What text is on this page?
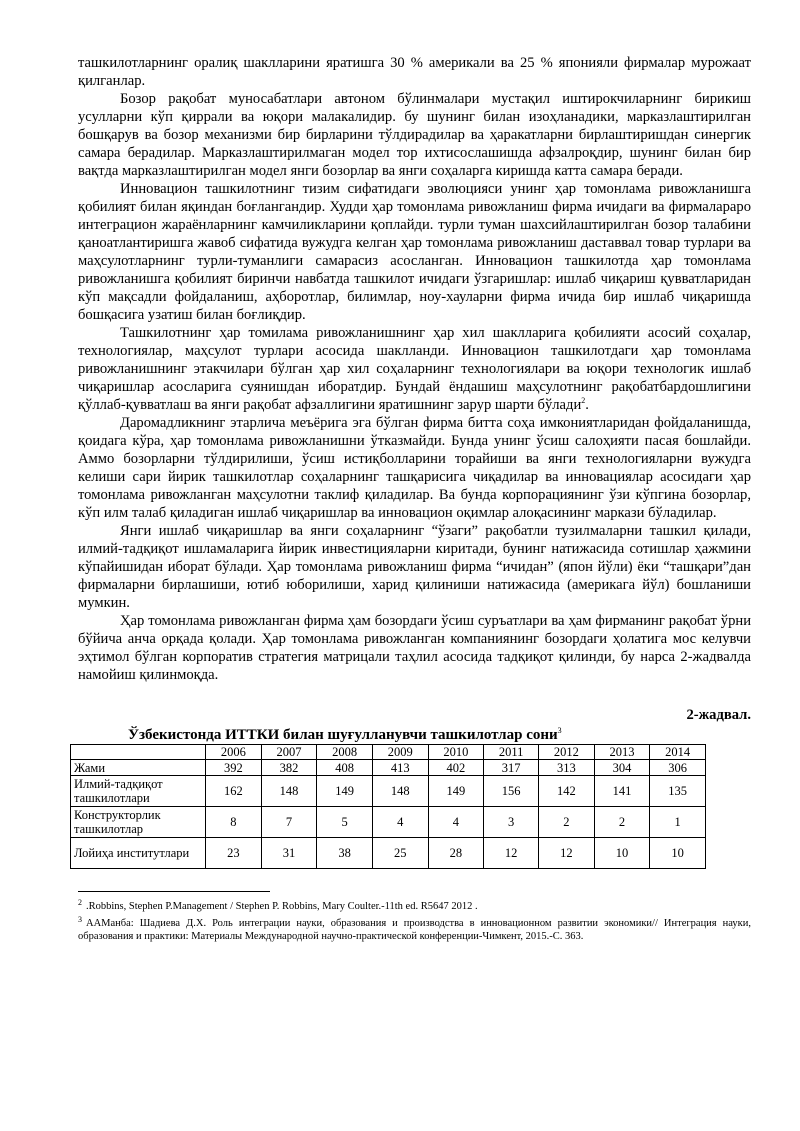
ташкилотларнинг оралиқ шаклларини яратишга 30 % америкали ва 25 % японияли фирмалар мурожаат қилганлар.

Бозор рақобат муносабатлари автоном бўлинмалари мустақил иштирокчиларнинг бирикиш усулларни кўп қиррали ва юқори малакалидир. бу шунинг билан изоҳланадики, марказлаштирилган бошқарув ва бозор механизми бир бирларини тўлдирадилар ва ҳаракатларни бирлаштиришдан синергик самара берадилар. Марказлаштирилмаган модел тор ихтисослашишда афзалроқдир, шунинг билан бир вақтда марказлаштирилган модел янги бозорлар ва янги соҳаларга киришда катта самара беради.

Инновацион ташкилотнинг тизим сифатидаги эволюцияси унинг ҳар томонлама ривожланишга қобилият билан яқиндан боғлангандир. Худди ҳар томонлама ривожланиш фирма ичидаги ва фирмалараро интеграцион жараёнларнинг камчиликларини қоплайди. турли туман шахсийлаштирилган бозор талабини қаноатлантиришга жавоб сифатида вужудга келган ҳар томонлама ривожланиш даставвал товар турлари ва маҳсулотларнинг турли-туманлиги самарасиз асосланган. Инновацион ташкилотда ҳар томонлама ривожланишга қобилият биринчи навбатда ташкилот ичидаги ўзгаришлар: ишлаб чиқариш қувватларидан кўп мақсадли фойдаланиш, аҳборотлар, билимлар, ноу-хауларни фирма ичида бир ишлаб чиқаришда бошқасига узатиш билан боғлиқдир.

Ташкилотнинг ҳар томилама ривожланишнинг ҳар хил шаклларига қобилияти асосий соҳалар, технологиялар, маҳсулот турлари асосида шаклланди. Инновацион ташкилотдаги ҳар томонлама ривожланишнинг этакчилари бўлган ҳар хил соҳаларнинг технологиялари ва юқори технологик ишлаб чиқаришлар асосларига суянишдан иборатдир. Бундай ёндашиш маҳсулотнинг рақобатбардошлигини қўллаб-қувватлаш ва янги рақобат афзаллигини яратишнинг зарур шарти бўлади$^2$.

Даромадликнинг этарлича меъёрига эга бўлган фирма битта соҳа имкониятларидан фойдаланишда, қоидага кўра, ҳар томонлама ривожланишни ўтказмайди. Бунда унинг ўсиш салоҳияти пасая бошлайди. Аммо бозорларни тўлдирилиши, ўсиш истиқболларини торайиши ва янги технологияларни вужудга келиши сари йирик ташкилотлар соҳаларнинг ташқарисига чиқадилар ва инновациялар асосидаги ҳар томонлама ривожланган маҳсулотни таклиф қиладилар. Ва бунда корпорациянинг ўзи кўпгина бозорлар, кўп илм талаб қиладиган ишлаб чиқаришлар ва инновацион оқимлар алоқасининг маркази бўладилар.

Янги ишлаб чиқаришлар ва янги соҳаларнинг “ўзаги” рақобатли тузилмаларни ташкил қилади, илмий-тадқиқот ишламаларига йирик инвестицияларни киритади, бунинг натижасида сотишлар ҳажмини кўпайишидан иборат бўлади. Ҳар томонлама ривожланиш фирма “ичидан” (япон йўли) ёки “ташқари”дан фирмаларни бирлашиши, ютиб юборилиши, харид қилиниши натижасида (америкага йўл) бошланиши мумкин.

Ҳар томонлама ривожланган фирма ҳам бозордаги ўсиш суръатлари ва ҳам фирманинг рақобат ўрни бўйича анча орқада қолади. Ҳар томонлама ривожланган компаниянинг бозордаги ҳолатига мос келувчи эҳтимол бўлган корпоратив стратегия матрицали таҳлил асосида тадқиқот қилинди, бу нарса 2-жадвалда намойиш қилинмоқда.

2-жадвал.
Ўзбекистонда ИТТКИ билан шуғулланувчи ташкилотлар сони$^3$
	2006	2007	2008	2009	2010	2011	2012	2013	2014
Жами	392	382	408	413	402	317	313	304	306
Илмий-тадқиқот ташкилотлари	162	148	149	148	149	156	142	141	135
Конструкторлик ташкилотлар	8	7	5	4	4	3	2	2	1
Лойиҳа институтлари	23	31	38	25	28	12	12	10	10

$^2$ .Robbins, Stephen P.Management / Stephen P. Robbins, Mary Coulter.-11th ed. R5647 2012 .

$^3$ ААМанба: Шадиева Д.Х. Роль интеграции науки, образования и производства в инновационном развитии экономики// Интеграция науки, образования и практики: Материалы Международной научно-практической конференции-Чимкент, 2015.-С. 363.
